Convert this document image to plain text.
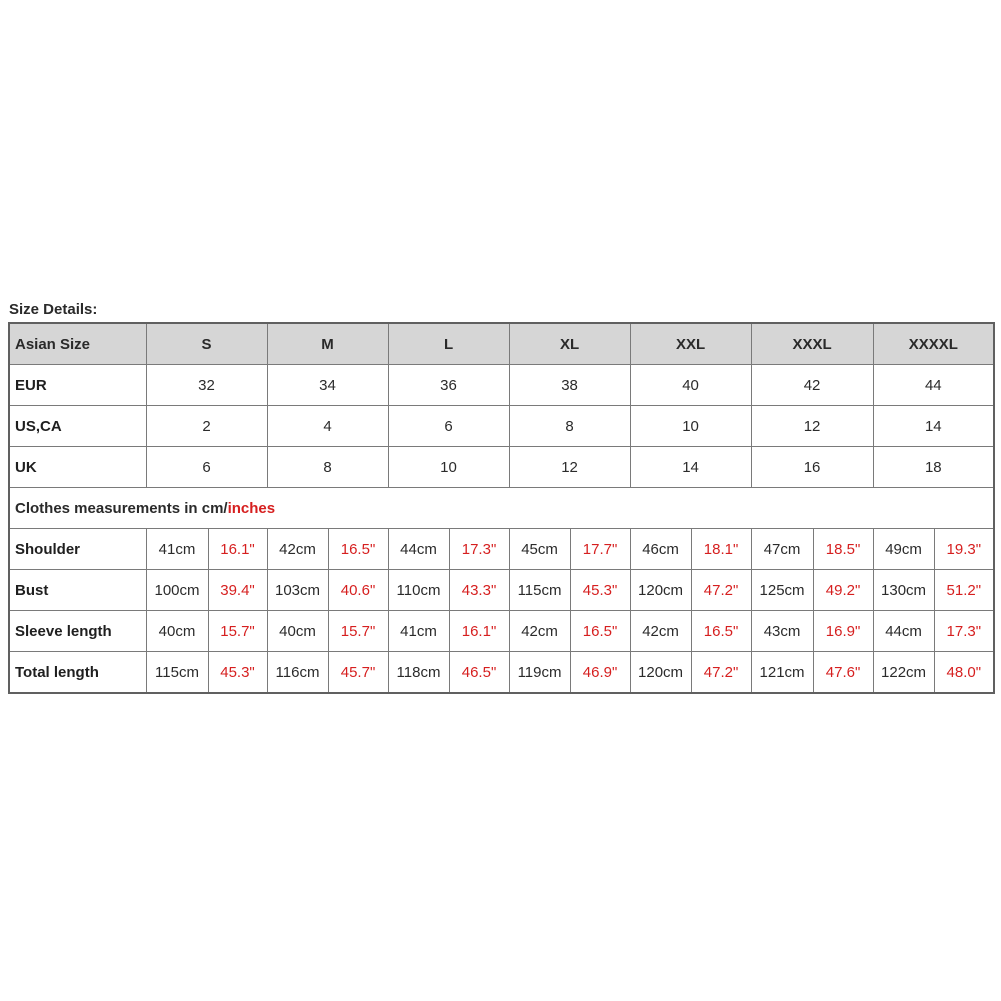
Size Details:
Asian Size	S		M		L		XL		XXL		XXXL		XXXXL	
EUR	32		34		36		38		40		42		44	
US,CA	2		4		6		8		10		12		14	
UK	6		8		10		12		14		16		18	
Clothes measurements in cm/inches														
Shoulder	41cm	16.1"	42cm	16.5"	44cm	17.3"	45cm	17.7"	46cm	18.1"	47cm	18.5"	49cm	19.3"
Bust	100cm	39.4"	103cm	40.6"	110cm	43.3"	115cm	45.3"	120cm	47.2"	125cm	49.2"	130cm	51.2"
Sleeve length	40cm	15.7"	40cm	15.7"	41cm	16.1"	42cm	16.5"	42cm	16.5"	43cm	16.9"	44cm	17.3"
Total length	115cm	45.3"	116cm	45.7"	118cm	46.5"	119cm	46.9"	120cm	47.2"	121cm	47.6"	122cm	48.0"
